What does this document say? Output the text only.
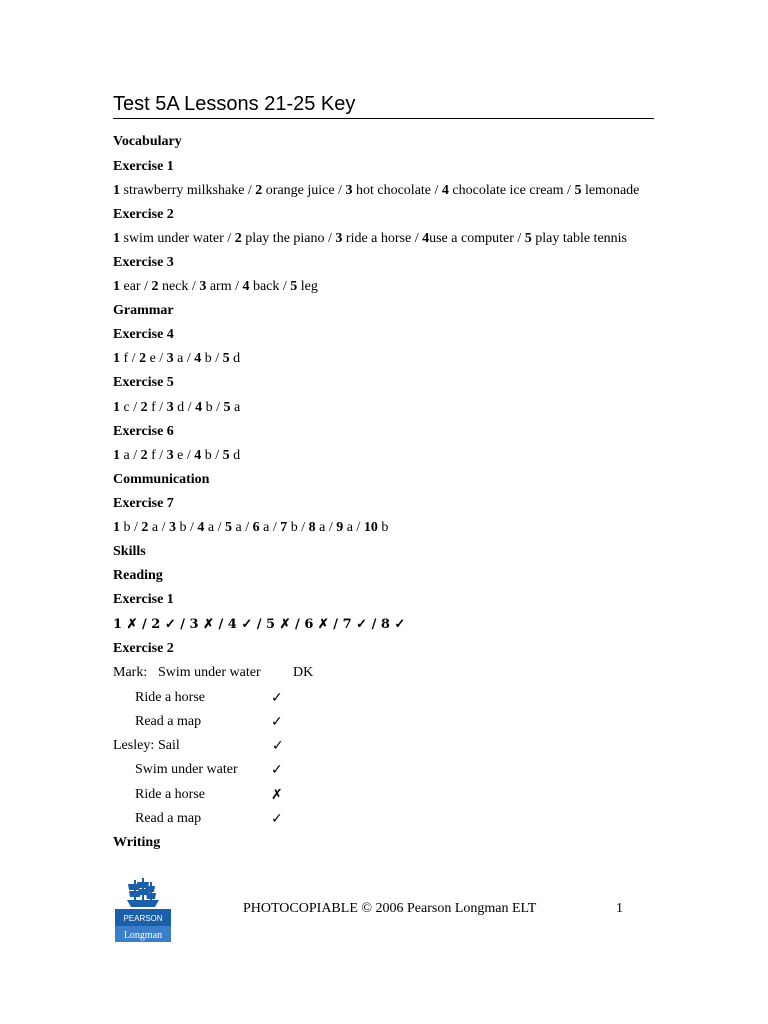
Test 5A Lessons 21-25 Key
Vocabulary
Exercise 1
1 strawberry milkshake / 2 orange juice / 3 hot chocolate / 4 chocolate ice cream / 5 lemonade
Exercise 2
1 swim under water / 2 play the piano / 3 ride a horse / 4use a computer / 5 play table tennis
Exercise 3
1 ear / 2 neck / 3 arm / 4 back / 5 leg
Grammar
Exercise 4
1 f / 2 e / 3 a / 4 b / 5 d
Exercise 5
1 c / 2 f / 3 d / 4 b / 5 a
Exercise 6
1 a / 2 f / 3 e / 4 b / 5 d
Communication
Exercise 7
1 b / 2 a / 3 b / 4 a / 5 a / 6 a / 7 b / 8 a / 9 a / 10 b
Skills
Reading
Exercise 1
1 ✗ / 2 ✓ / 3 ✗ / 4 ✓ / 5 ✗ / 6 ✗ / 7 ✓ / 8 ✓
Exercise 2
Mark: Swim under water DK
Ride a horse	✓
Read a map	✓
Lesley: Sail	✓
Swim under water ✓
Ride a horse	✗
Read a map	✓
Writing
PEARSON
Longman
PHOTOCOPIABLE © 2006 Pearson Longman ELT	1
